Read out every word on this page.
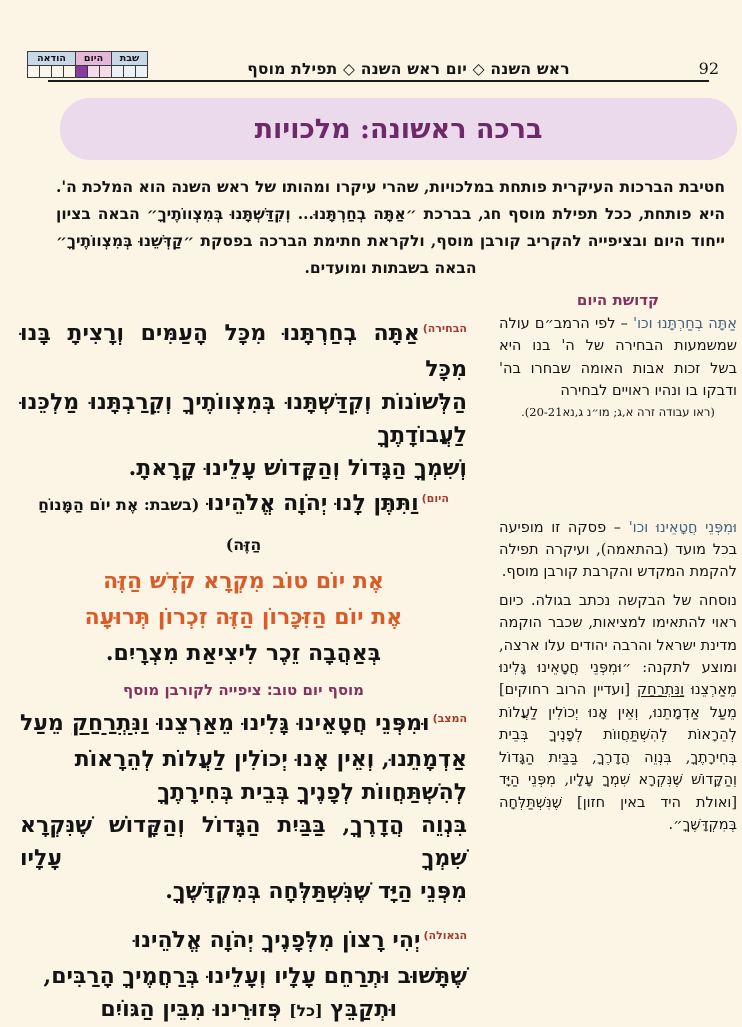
92
ראש השנה ◇ יום ראש השנה ◇ תפילת מוסף
שבת
היום
הודאה
ברכה ראשונה: מלכויות
חטיבת הברכות העיקרית פותחת במלכויות, שהרי עיקרו ומהותו של ראש השנה הוא המלכת ה'. היא פותחת, ככל תפילת מוסף חג, בברכת ״אַתָּה בְחַרְתָּנוּ... וְקִדַּשְׁתָּנוּ בְּמִצְווֹתֶיךָ״ הבאה בציון ייחוד היום ובציפייה להקריב קורבן מוסף, ולקראת חתימת הברכה בפסקת ״קַדְּשֵׁנוּ בְּמִצְווֹתֶיךָ״ הבאה בשבתות ומועדים.
קדושת היום

אַתָּה בְחַרְתָּנוּ וכו' – לפי הרמב״ם עולה שמשמעות הבחירה של ה' בנו היא בשל זכות אבות האומה שבחרו בה' ודבקו בו ונהיו ראויים לבחירה
(ראו עבודה זרה א,ג; מו״נ ג,נא20-21).

וּמִפְּנֵי חֲטָאֵינוּ וכו' – פסקה זו מופיעה בכל מועד (בהתאמה), ועיקרה תפילה להקמת המקדש והקרבת קורבן מוסף.

נוסחה של הבקשה נכתב בגולה. כיום ראוי להתאימו למציאות, שכבר הוקמה מדינת ישראל והרבה יהודים עלו ארצה, ומוצע לתקנה: ״וּמִפְּנֵי חֲטָאֵינוּ גָּלִינוּ מֵאַרְצֵנוּ וַנִּתְרַחַק [ועדיין הרוב רחוקים] מֵעַל אַדְמָתֵנוּ, וְאֵין אָנוּ יְכוֹלִין לַעֲלוֹת לְהֵרָאוֹת לְהִשְׁתַּחֲווֹת לְפָנֶיךָ בְּבֵית בְּחִירָתֶךָ, בִּנְוֵה הֲדָרֶךָ, בַּבַּיִת הַגָּדוֹל וְהַקָּדוֹשׁ שֶׁנִּקְרָא שִׁמְךָ עָלָיו, מִפְּנֵי הַיָּד [ואולת היד באין חזון] שֶׁנִּשְׁתַּלְּחָה בְּמִקְדָּשֶׁךָ״.

$^{הבחירה)}$אַתָּה בְחַרְתָּנוּ מִכָּל הָעַמִּים וְרָצִיתָ בָּנוּ מִכָּל
הַלְּשׁוֹנוֹת וְקִדַּשְׁתָּנוּ בְּמִצְווֹתֶיךָ וְקֵרַבְתָּנוּ מַלְכֵּנוּ לַעֲבוֹדָתֶךָ
וְשִׁמְךָ הַגָּדוֹל וְהַקָּדוֹשׁ עָלֵינוּ קָרָאתָ.
$^{היום)}$וַתִּתֶּן לָנוּ יְהֹוָה אֱלֹהֵינוּ (בשבת: אֶת יוֹם הַמָּנוֹחַ הַזֶּה)
אֶת יוֹם טוֹב מִקְרָא קֹדֶשׁ הַזֶּה
אֶת יוֹם הַזִּכָּרוֹן הַזֶּה זִכְרוֹן תְּרוּעָה
בְּאַהֲבָה זֵכֶר לִיצִיאַת מִצְרָיִם.
מוסף יום טוב: ציפייה לקורבן מוסף
$^{המצב)}$וּמִפְּנֵי חֲטָאֵינוּ גָּלִינוּ מֵאַרְצֵנוּ וַנִּתְרַחַק מֵעַל
אַדְמָתֵנוּ, וְאֵין אָנוּ יְכוֹלִין לַעֲלוֹת לְהֵרָאוֹת
לְהִשְׁתַּחֲווֹת לְפָנֶיךָ בְּבֵית בְּחִירָתֶךָ
בִּנְוֵה הֲדָרֶךָ, בַּבַּיִת הַגָּדוֹל וְהַקָּדוֹשׁ שֶׁנִּקְרָא שִׁמְךָ עָלָיו
מִפְּנֵי הַיָּד שֶׁנִּשְׁתַּלְּחָה בְּמִקְדָּשֶׁךָ.
$^{הגאולה)}$יְהִי רָצוֹן מִלְּפָנֶיךָ יְהֹוָה אֱלֹהֵינוּ
שֶׁתָּשׁוּב וּתְרַחֵם עָלָיו וְעָלֵינוּ בְּרַחֲמֶיךָ הָרַבִּים,
וּתְקַבֵּץ [כל] פְּזוּרֵינוּ מִבֵּין הַגּוֹיִם
